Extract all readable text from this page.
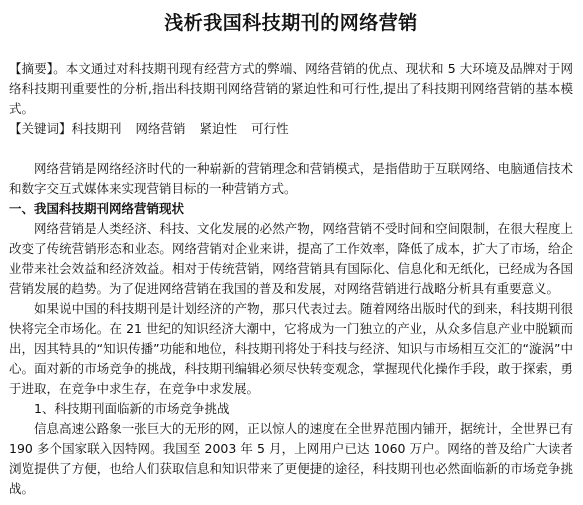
浅析我国科技期刊的网络营销

【摘要】。本文通过对科技期刊现有经营方式的弊端、网络营销的优点、现状和 5 大环境及品牌对于网络科技期刊重要性的分析,指出科技期刊网络营销的紧迫性和可行性,提出了科技期刊网络营销的基本模式。

【关键词】科技期刊 网络营销 紧迫性 可行性

网络营销是网络经济时代的一种崭新的营销理念和营销模式，是指借助于互联网络、电脑通信技术和数字交互式媒体来实现营销目标的一种营销方式。

一、我国科技期刊网络营销现状

网络营销是人类经济、科技、文化发展的必然产物，网络营销不受时间和空间限制，在很大程度上改变了传统营销形态和业态。网络营销对企业来讲，提高了工作效率，降低了成本，扩大了市场，给企业带来社会效益和经济效益。相对于传统营销，网络营销具有国际化、信息化和无纸化，已经成为各国营销发展的趋势。为了促进网络营销在我国的普及和发展，对网络营销进行战略分析具有重要意义。

如果说中国的科技期刊是计划经济的产物，那只代表过去。随着网络出版时代的到来，科技期刊很快将完全市场化。在 21 世纪的知识经济大潮中，它将成为一门独立的产业，从众多信息产业中脱颖而出，因其特具的“知识传播”功能和地位，科技期刊将处于科技与经济、知识与市场相互交汇的“漩涡”中心。面对新的市场竞争的挑战，科技期刊编辑必须尽快转变观念，掌握现代化操作手段，敢于探索，勇于进取，在竞争中求生存，在竞争中求发展。

1、科技期刊面临新的市场竞争挑战

信息高速公路象一张巨大的无形的网，正以惊人的速度在全世界范围内铺开，据统计，全世界已有 190 多个国家联入因特网。我国至 2003 年 5 月，上网用户已达 1060 万户。网络的普及给广大读者浏览提供了方便，也给人们获取信息和知识带来了更便捷的途径，科技期刊也必然面临新的市场竞争挑战。
